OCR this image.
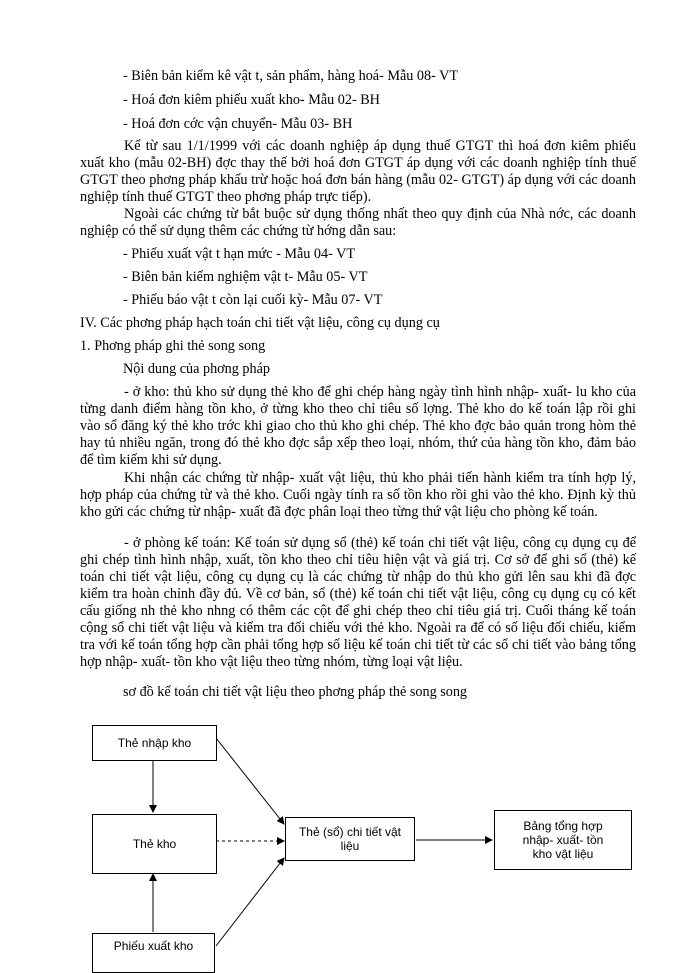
- Biên bản kiểm kê vật t, sản phẩm, hàng hoá- Mẫu 08- VT
- Hoá đơn kiêm phiếu xuất kho- Mẫu 02- BH
- Hoá đơn cớc vận chuyển- Mẫu 03- BH

Kể từ sau 1/1/1999 với các doanh nghiệp áp dụng thuế GTGT thì hoá đơn kiêm phiếu xuất kho (mẫu 02-BH) đợc thay thế bởi hoá đơn GTGT áp dụng với các doanh nghiệp tính thuế GTGT theo phơng pháp khấu trừ hoặc hoá đơn bán hàng (mẫu 02- GTGT) áp dụng với các doanh nghiệp tính thuế GTGT theo phơng pháp trực tiếp).

Ngoài các chứng từ bắt buộc sử dụng thống nhất theo quy định của Nhà nớc, các doanh nghiệp có thể sử dụng thêm các chứng từ hớng dẫn sau:

- Phiếu xuất vật t hạn mức - Mẫu 04- VT
- Biên bản kiểm nghiệm vật t- Mẫu 05- VT
- Phiếu báo vật t còn lại cuối kỳ- Mẫu 07- VT
IV. Các phơng pháp hạch toán chi tiết vật liệu, công cụ dụng cụ
1. Phơng pháp ghi thẻ song song
Nội dung của phơng pháp

- ở kho: thủ kho sử dụng thẻ kho để ghi chép hàng ngày tình hình nhập- xuất- lu kho của từng danh điểm hàng tồn kho, ở từng kho theo chỉ tiêu số lợng. Thẻ kho do kế toán lập rồi ghi vào sổ đăng ký thẻ kho trớc khi giao cho thủ kho ghi chép. Thẻ kho đợc bảo quản trong hòm thẻ hay tủ nhiều ngăn, trong đó thẻ kho đợc sắp xếp theo loại, nhóm, thứ của hàng tồn kho, đảm bảo để tìm kiếm khi sử dụng.

Khi nhận các chứng từ nhập- xuất vật liệu, thủ kho phải tiến hành kiểm tra tính hợp lý, hợp pháp của chứng từ và thẻ kho. Cuối ngày tính ra số tồn kho rồi ghi vào thẻ kho. Định kỳ thủ kho gửi các chứng từ nhập- xuất đã đợc phân loại theo từng thứ vật liệu cho phòng kế toán.

- ở phòng kế toán: Kế toán sử dụng sổ (thẻ) kế toán chi tiết vật liệu, công cụ dụng cụ để ghi chép tình hình nhập, xuất, tồn kho theo chỉ tiêu hiện vật và giá trị. Cơ sở để ghi sổ (thẻ) kế toán chi tiết vật liệu, công cụ dụng cụ là các chứng từ nhập do thủ kho gửi lên sau khi đã đợc kiểm tra hoàn chỉnh đầy đủ. Về cơ bản, sổ (thẻ) kế toán chi tiết vật liệu, công cụ dụng cụ có kết cấu giống nh thẻ kho nhng có thêm các cột để ghi chép theo chỉ tiêu giá trị. Cuối tháng kế toán cộng sổ chi tiết vật liệu và kiểm tra đối chiếu với thẻ kho. Ngoài ra để có số liệu đối chiếu, kiểm tra với kế toán tổng hợp cần phải tổng hợp số liệu kế toán chi tiết từ các sổ chi tiết vào bảng tổng hợp nhập- xuất- tồn kho vật liệu theo từng nhóm, từng loại vật liệu.

sơ đồ kế toán chi tiết vật liệu theo phơng pháp thẻ song song
Thẻ nhập kho
Thẻ kho
Phiếu xuất kho
Thẻ (sổ) chi tiết vật liệu
Bảng tổng hợp nhập- xuất- tồn kho vật liệu
